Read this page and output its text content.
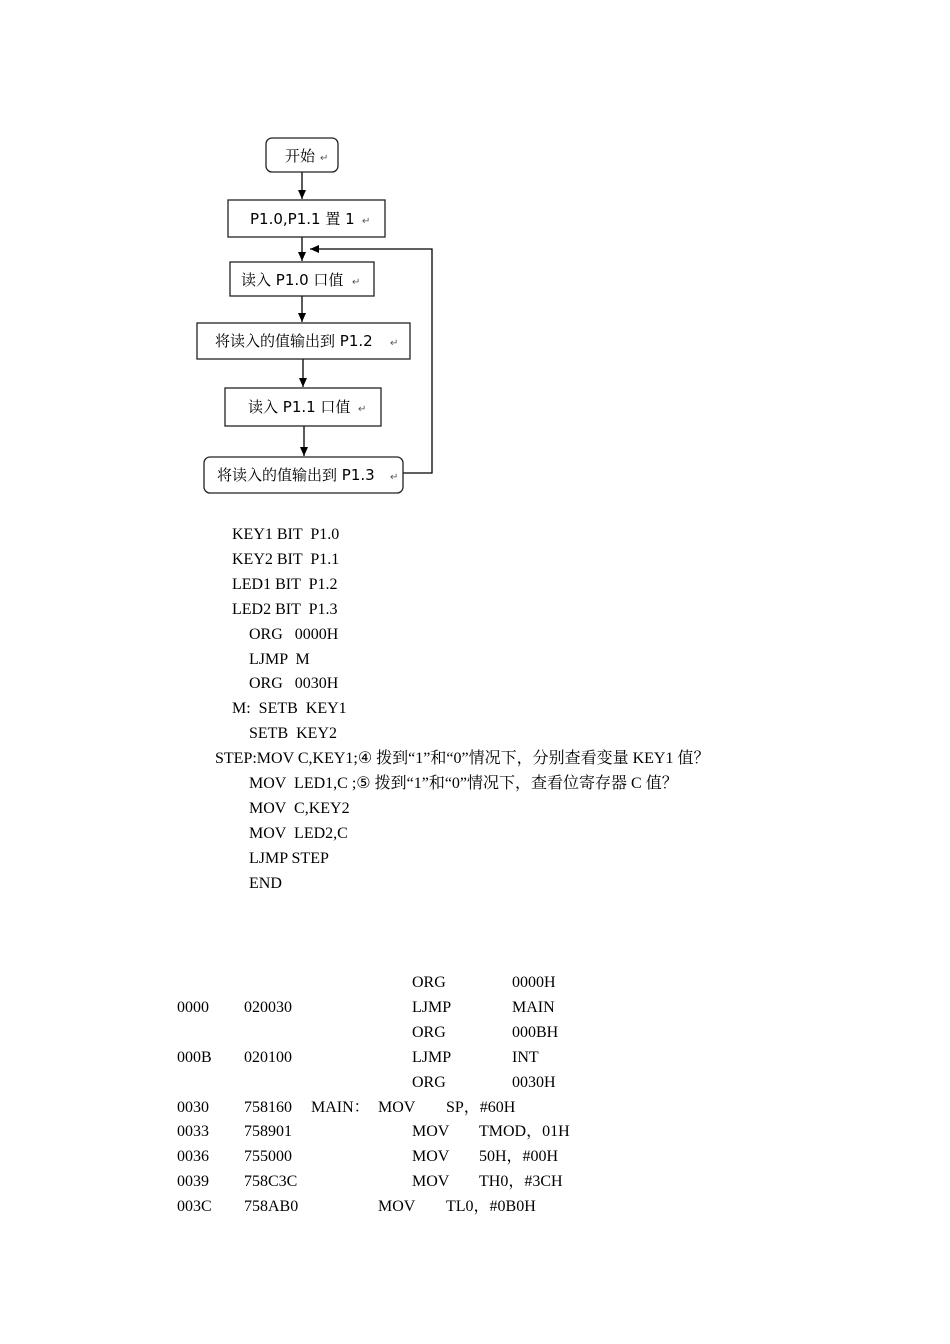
开始 ↵
P1.0,P1.1 置 1 ↵
读入 P1.0 口值 ↵
将读入的值输出到 P1.2 ↵
读入 P1.1 口值 ↵
将读入的值输出到 P1.3 ↵
KEY1 BIT  P1.0
KEY2 BIT  P1.1
LED1 BIT  P1.2
LED2 BIT  P1.3
ORG   0000H
LJMP  M
ORG   0030H
M:  SETB  KEY1
SETB  KEY2
STEP:MOV C,KEY1;④ 拨到“1”和“0”情况下，分别查看变量 KEY1 值？
MOV  LED1,C ;⑤ 拨到“1”和“0”情况下，查看位寄存器 C 值？
MOV  C,KEY2
MOV  LED2,C
LJMP STEP
END
ORG	0000H
0000 020030	LJMP	MAIN
ORG	000BH
000B 020100	LJMP	INT
ORG	0030H
0030 758160 MAIN： MOV SP，#60H
0033 758901	MOV TMOD，01H
0036 755000	MOV 50H，#00H
0039 758C3C	MOV TH0，#3CH
003C 758AB0	MOV TL0，#0B0H
